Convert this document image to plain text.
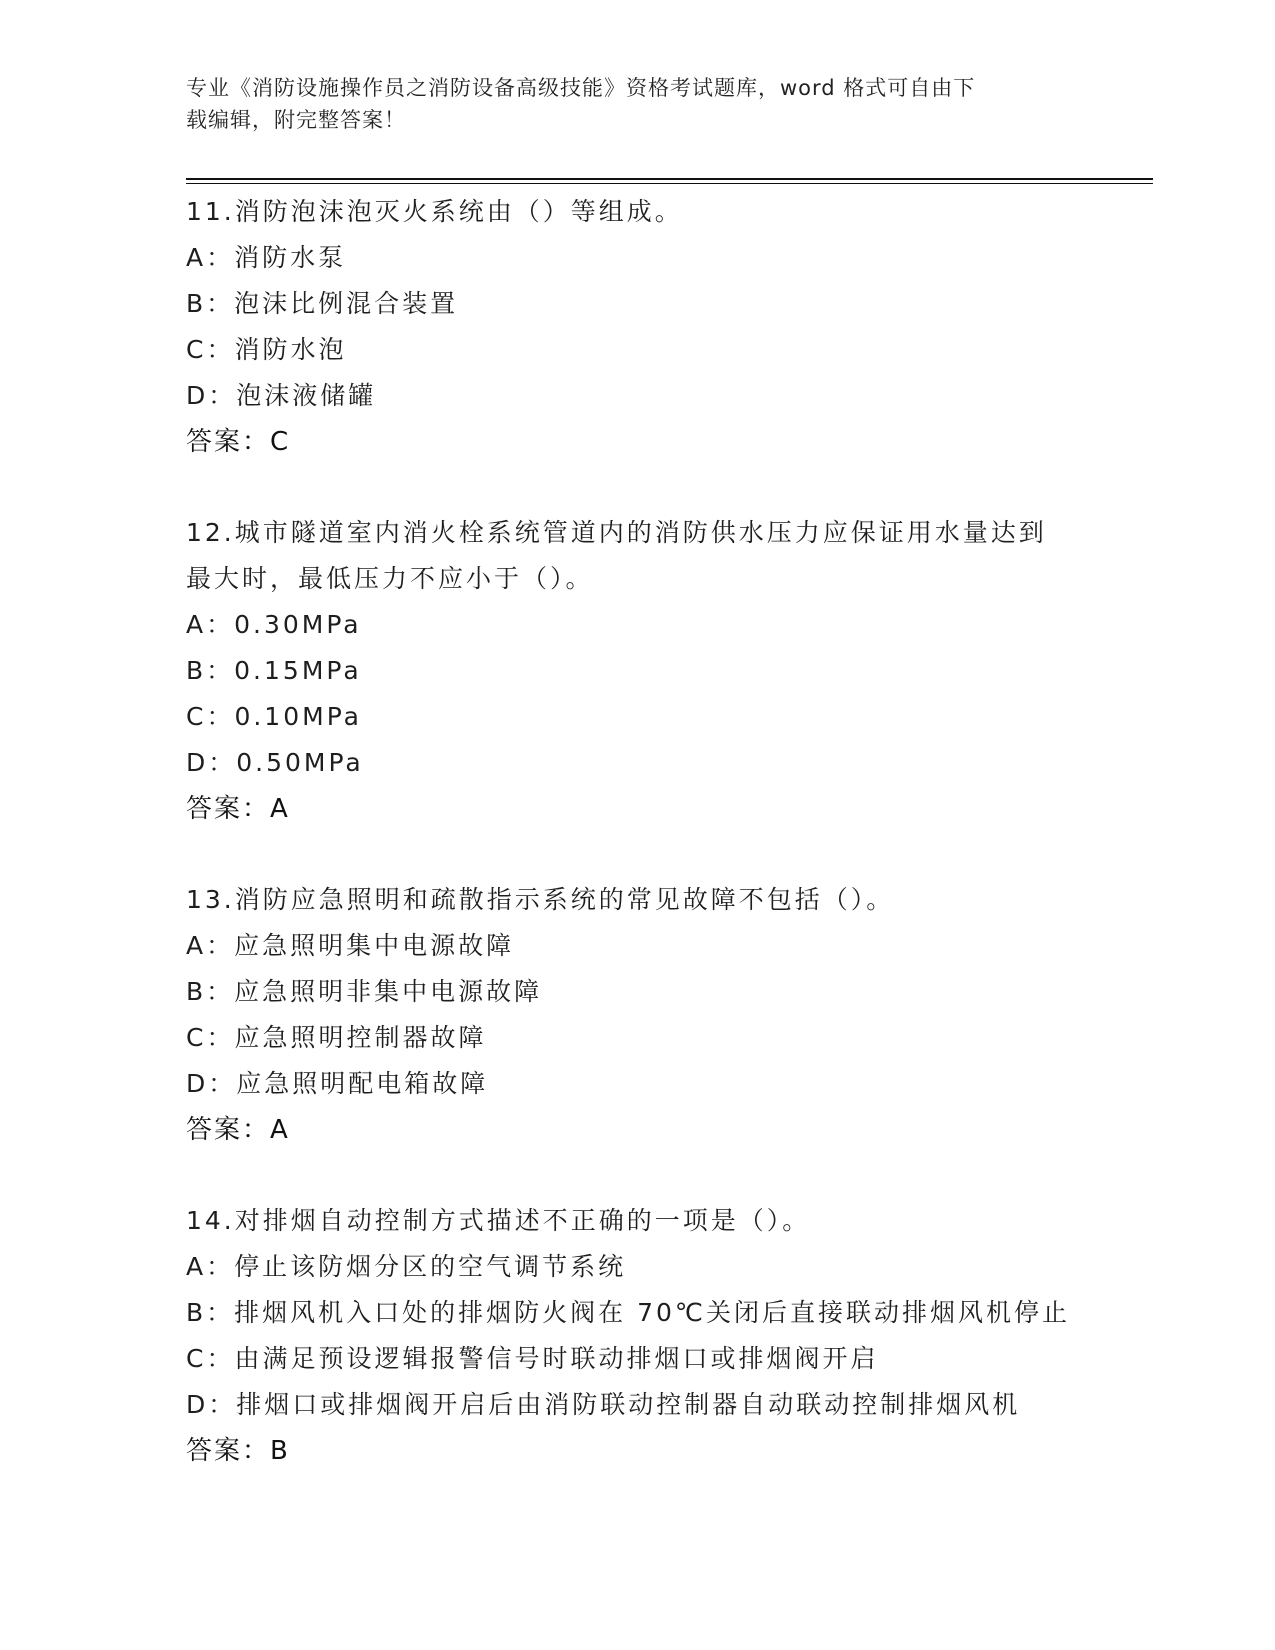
专业《消防设施操作员之消防设备高级技能》资格考试题库，word 格式可自由下
载编辑，附完整答案！
11.消防泡沫泡灭火系统由（）等组成。
A：消防水泵
B：泡沫比例混合装置
C：消防水泡
D：泡沫液储罐
答案：C
12.城市隧道室内消火栓系统管道内的消防供水压力应保证用水量达到
最大时，最低压力不应小于（）。
A：0.30MPa
B：0.15MPa
C：0.10MPa
D：0.50MPa
答案：A
13.消防应急照明和疏散指示系统的常见故障不包括（）。
A：应急照明集中电源故障
B：应急照明非集中电源故障
C：应急照明控制器故障
D：应急照明配电箱故障
答案：A
14.对排烟自动控制方式描述不正确的一项是（）。
A：停止该防烟分区的空气调节系统
B：排烟风机入口处的排烟防火阀在 70℃关闭后直接联动排烟风机停止
C：由满足预设逻辑报警信号时联动排烟口或排烟阀开启
D：排烟口或排烟阀开启后由消防联动控制器自动联动控制排烟风机
答案：B
